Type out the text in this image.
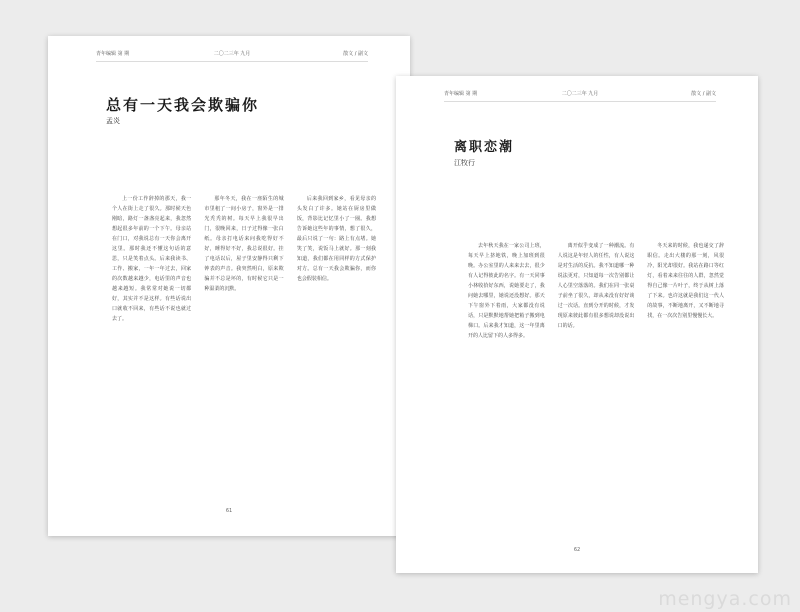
青年编辑 第 期	二〇二三年 九月	散文 / 副文
总有一天我会欺骗你
孟炎

上一份工作辞掉的那天，我一个人在街上走了很久。那时候天色刚暗，路灯一盏盏亮起来，我忽然想起很多年前的一个下午。母亲站在门口，对我说总有一天你会离开这里。那时我还不懂这句话的意思，只是笑着点头。后来我读书、工作、搬家，一年一年过去，回家的次数越来越少，电话里的声音也越来越短。我常常对她说一切都好，其实并不是这样。有些话说出口就收不回来，有些话不说也就过去了。

那年冬天，我在一座陌生的城市里租了一间小房子，窗外是一排光秃秃的树。每天早上我很早出门，很晚回来，日子过得像一张白纸。母亲打电话来问我吃得好不好，睡得好不好，我总说很好。挂了电话以后，屋子里安静得只剩下钟表的声音。我突然明白，原来欺骗并不总是坏的，有时候它只是一种温柔的沉默。

后来我回到家乡，看见母亲的头发白了许多。她站在厨房里做饭，背影比记忆里小了一圈。我想告诉她这些年的事情，想了很久，最后只说了一句：路上有点堵。她笑了笑，说饭马上就好。那一刻我知道，我们都在用同样的方式保护对方。总有一天我会欺骗你，而你也会假装相信。

61
青年编辑 第 期	二〇二三年 九月	散文 / 副文
离职恋潮
江牧行

去年秋天我在一家公司上班，每天早上挤地铁，晚上加班到很晚。办公室里的人来来去去，很少有人记得彼此的名字。有一天同事小林收拾好东西，说她要走了，我问她去哪里，她说还没想好。那天下午窗外下着雨，大家都没有说话，只是默默地帮她把箱子搬到电梯口。后来我才知道，这一年里离开的人比留下的人多得多。

离开似乎变成了一种潮流。有人说这是年轻人的任性，有人说这是对生活的反抗。我不知道哪一种说法更对，只知道每一次告别都让人心里空落落的。我们在同一张桌子前坐了很久，却从来没有好好谈过一次话。直到分开的时候，才发现原来彼此都有很多想说却没说出口的话。

冬天来的时候，我也递交了辞职信。走出大楼的那一刻，风很冷，阳光却很好。我站在路口等红灯，看着来来往往的人群，忽然觉得自己像一片叶子，终于从树上落了下来。也许这就是我们这一代人的故事，不断地离开，又不断地寻找，在一次次告别里慢慢长大。

62
mengya.com
